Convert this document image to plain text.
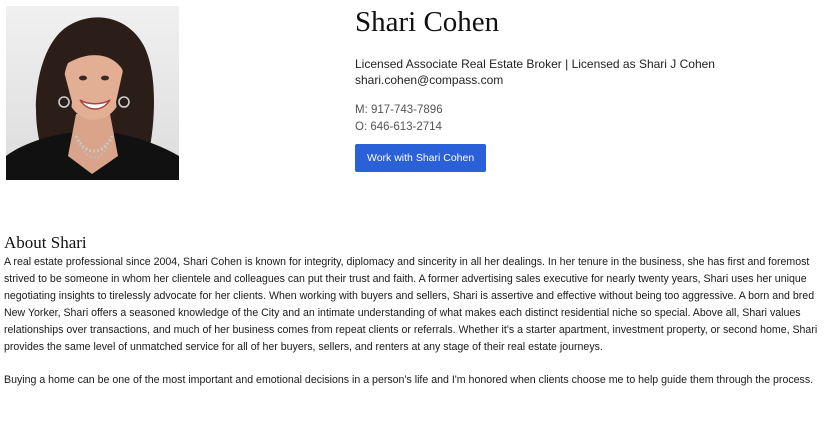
Shari Cohen
Licensed Associate Real Estate Broker | Licensed as Shari J Cohen
shari.cohen@compass.com
M: 917-743-7896
O: 646-613-2714
Work with Shari Cohen
About Shari

A real estate professional since 2004, Shari Cohen is known for integrity, diplomacy and sincerity in all her dealings. In her tenure in the business, she has first and foremost strived to be someone in whom her clientele and colleagues can put their trust and faith. A former advertising sales executive for nearly twenty years, Shari uses her unique negotiating insights to tirelessly advocate for her clients. When working with buyers and sellers, Shari is assertive and effective without being too aggressive. A born and bred New Yorker, Shari offers a seasoned knowledge of the City and an intimate understanding of what makes each distinct residential niche so special. Above all, Shari values relationships over transactions, and much of her business comes from repeat clients or referrals. Whether it's a starter apartment, investment property, or second home, Shari provides the same level of unmatched service for all of her buyers, sellers, and renters at any stage of their real estate journeys.

Buying a home can be one of the most important and emotional decisions in a person's life and I'm honored when clients choose me to help guide them through the process.
